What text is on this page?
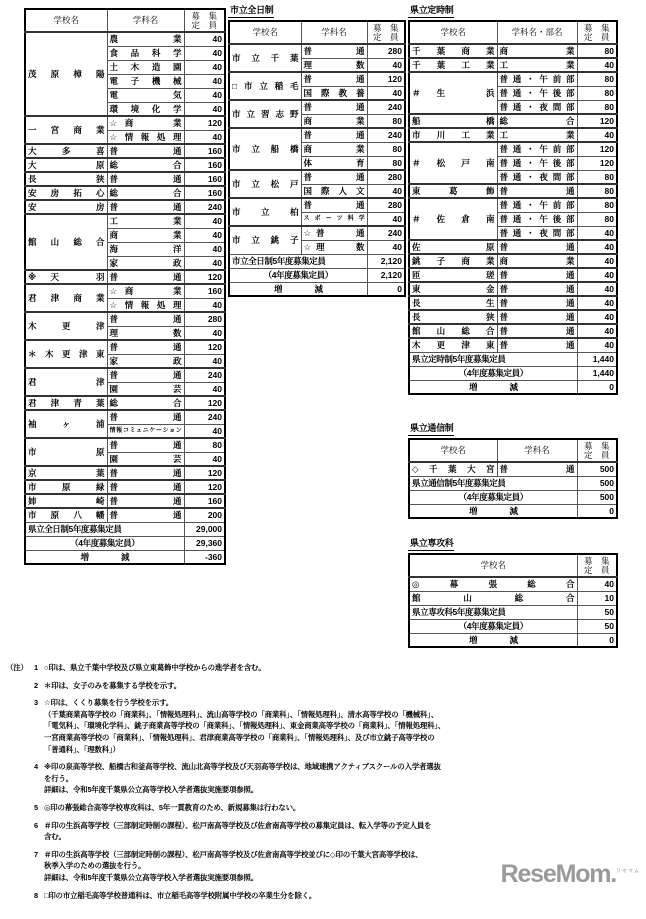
学校名	学科名	募　集
定　員

茂原樟陽	農　　業	40

	食品科学	40

	土木造園	40

	電子機械	40

	電　　気	40

	環境化学	40

一宮商業	☆商　　業	120

	☆情報処理	40

大多喜	普　　通	160

大　原	総　　合	160

長　狭	普　　通	160

安房拓心	総　　合	160

安　房	普　　通	240

館山総合	工　　業	40

	商　　業	40

	海　　洋	40

	家　　政	40

※天　羽	普　　通	120

君津商業	☆商　　業	160

	☆情報処理	40

木更津	普　　通	280

	理　　数	40

＊木更津東	普　　通	120

	家　　政	40

君　津	普　　通	240

	園　　芸	40

君津青葉	総　　合	120

袖ヶ浦	普　　通	240

	情報コミュニケーション	40

市　原	普　　通	80

	園　　芸	40

京　葉	普　　通	120

市原緑	普　　通	120

姉　崎	普　　通	160

市原八幡	普　　通	200
県立全日制5年度募集定員		29,000
（4年度募集定員）		29,360
増　　　　減		-360
市立全日制
学校名	学科名	募　集
定　員

市立千葉	普　　通	280

	理　　数	40

□市立稲毛	普　　通	120

	国際教養	40

市立習志野	普　　通	240

	商　　業	80

市立船橋	普　　通	240

	商　　業	80

	体　　育	80

市立松戸	普　　通	280

	国際人文	40

市立柏	普　　通	280

	スポーツ科学	40

市立銚子	☆普　　通	240

	☆理　　数	40
市立全日制5年度募集定員		2,120
（4年度募集定員）		2,120
増　　　　減		0
県立定時制
学校名	学科名・部名	募　集
定　員

千葉商業	商　　業	80

千葉工業	工　　業	40

＃生　浜	普通・午前部	80

	普通・午後部	80

	普通・夜間部	80

船　橋	総　　合	120

市川工業	工　　業	40

＃松戸南	普通・午前部	120

	普通・午後部	120

	普通・夜間部	80

東葛飾	普　　通	80

＃佐倉南	普通・午前部	80

	普通・午後部	80

	普通・夜間部	40

佐　原	普　　通	40

銚子商業	商　　業	40

匝　瑳	普　　通	40

東　金	普　　通	40

長　生	普　　通	40

長　狭	普　　通	40

館山総合	普　　通	40

木更津東	普　　通	40
県立定時制5年度募集定員		1,440
（4年度募集定員）		1,440
増　　　　減		0
県立通信制
学校名	学科名	募　集
定　員

◇千葉大宮	普　　通	500
県立通信制5年度募集定員		500
（4年度募集定員）		500
増　　　　減		0
県立専攻科
学校名	募　集
定　員

◎幕張総合	40

館山総合	10
県立専攻科5年度募集定員	50
（4年度募集定員）	50
増　　　　減	0
（注） 1 ○印は、県立千葉中学校及び県立東葛飾中学校からの進学者を含む。
2 ＊印は、女子のみを募集する学校を示す。
3 ☆印は、くくり募集を行う学校を示す。
（千葉商業高等学校の「商業科」、「情報処理科」、流山高等学校の「商業科」、「情報処理科」、清水高等学校の「機械科」、
「電気科」、「環境化学科」、銚子商業高等学校の「商業科」、「情報処理科」、東金商業高等学校の「商業科」、「情報処理科」、
一宮商業高等学校の「商業科」、「情報処理科」、君津商業高等学校の「商業科」、「情報処理科」、及び市立銚子高等学校の
「普通科」、「理数科」）
4 ※印の泉高等学校、船橋古和釜高等学校、流山北高等学校及び天羽高等学校は、地域連携アクティブスクールの入学者選抜
を行う。
詳細は、令和5年度千葉県公立高等学校入学者選抜実施要項参照。
5 ◎印の幕張総合高等学校専攻科は、5年一貫教育のため、新規募集は行わない。
6 ＃印の生浜高等学校（三部制定時制の課程）、松戸南高等学校及び佐倉南高等学校の募集定員は、転入学等の予定人員を
含む。
7 ＃印の生浜高等学校（三部制定時制の課程）、松戸南高等学校及び佐倉南高等学校並びに◇印の千葉大宮高等学校は、
秋季入学のための選抜を行う。
詳細は、令和5年度千葉県公立高等学校入学者選抜実施要項参照。
8 □印の市立稲毛高等学校普通科は、市立稲毛高等学校附属中学校の卒業生分を除く。
ReseMom.$^{リセマム}$
